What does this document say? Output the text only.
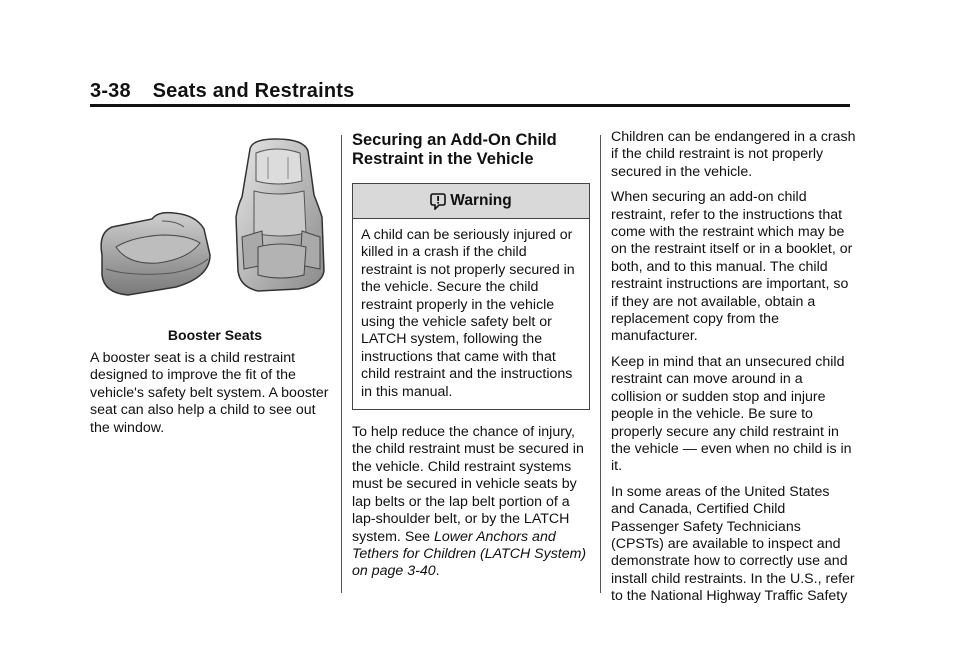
3-38 Seats and Restraints
Booster Seats

A booster seat is a child restraint designed to improve the fit of the vehicle's safety belt system. A booster seat can also help a child to see out the window.

Securing an Add-On Child Restraint in the Vehicle
Warning
A child can be seriously injured or killed in a crash if the child restraint is not properly secured in the vehicle. Secure the child restraint properly in the vehicle using the vehicle safety belt or LATCH system, following the instructions that came with that child restraint and the instructions in this manual.

To help reduce the chance of injury, the child restraint must be secured in the vehicle. Child restraint systems must be secured in vehicle seats by lap belts or the lap belt portion of a lap-shoulder belt, or by the LATCH system. See Lower Anchors and Tethers for Children (LATCH System) on page 3-40.

Children can be endangered in a crash if the child restraint is not properly secured in the vehicle.

When securing an add-on child restraint, refer to the instructions that come with the restraint which may be on the restraint itself or in a booklet, or both, and to this manual. The child restraint instructions are important, so if they are not available, obtain a replacement copy from the manufacturer.

Keep in mind that an unsecured child restraint can move around in a collision or sudden stop and injure people in the vehicle. Be sure to properly secure any child restraint in the vehicle — even when no child is in it.

In some areas of the United States and Canada, Certified Child Passenger Safety Technicians (CPSTs) are available to inspect and demonstrate how to correctly use and install child restraints. In the U.S., refer to the National Highway Traffic Safety
